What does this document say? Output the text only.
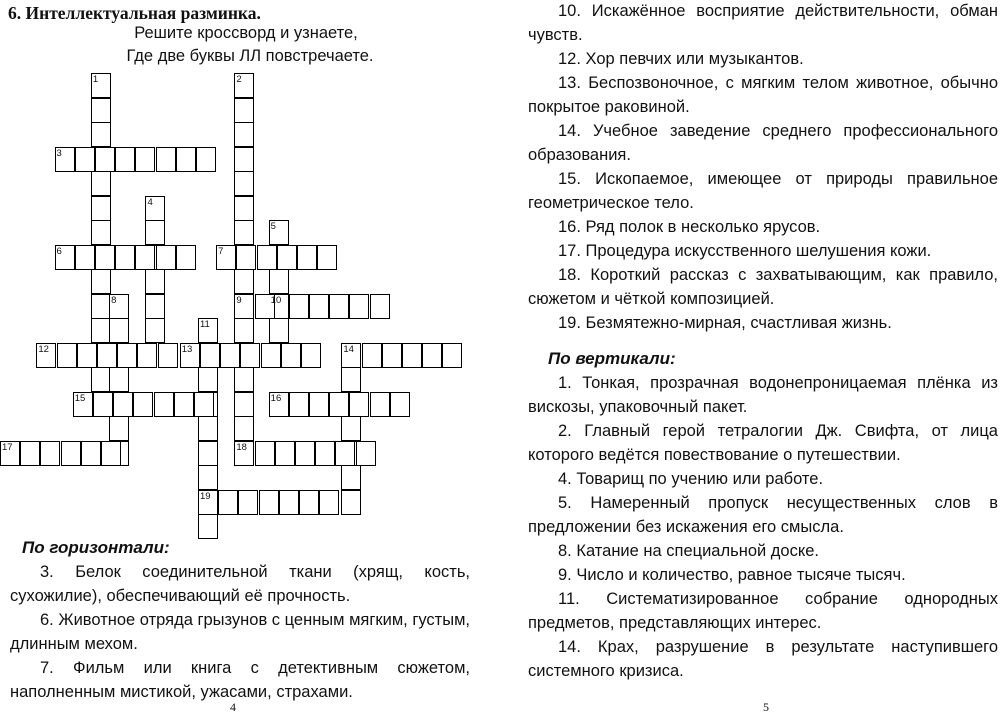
6. Интеллектуальная разминка.
Решите кроссворд и узнаете,
Где две буквы ЛЛ повстречаете.
1	2
3
4
5
6	7
8	9	10
11
12	13	14
15	16
17	18
19
По горизонтали:
3. Белок соединительной ткани (хрящ, кость, сухожилие), обеспечивающий её прочность.
6. Животное отряда грызунов с ценным мягким, густым, длинным мехом.
7. Фильм или книга с детективным сюжетом, наполненным мистикой, ужасами, страхами.
4
10. Искажённое восприятие действительности, обман чувств.
12. Хор певчих или музыкантов.
13. Беспозвоночное, с мягким телом животное, обычно покрытое раковиной.
14. Учебное заведение среднего профессионального образования.
15. Ископаемое, имеющее от природы правильное геометрическое тело.
16. Ряд полок в несколько ярусов.
17. Процедура искусственного шелушения кожи.
18. Короткий рассказ с захватывающим, как правило, сюжетом и чёткой композицией.
19. Безмятежно-мирная, счастливая жизнь.
По вертикали:
1. Тонкая, прозрачная водонепроницаемая плёнка из вискозы, упаковочный пакет.
2. Главный герой тетралогии Дж. Свифта, от лица которого ведётся повествование о путешествии.
4. Товарищ по учению или работе.
5. Намеренный пропуск несущественных слов в предложении без искажения его смысла.
8. Катание на специальной доске.
9. Число и количество, равное тысяче тысяч.
11. Систематизированное собрание однородных предметов, представляющих интерес.
14. Крах, разрушение в результате наступившего системного кризиса.
5
